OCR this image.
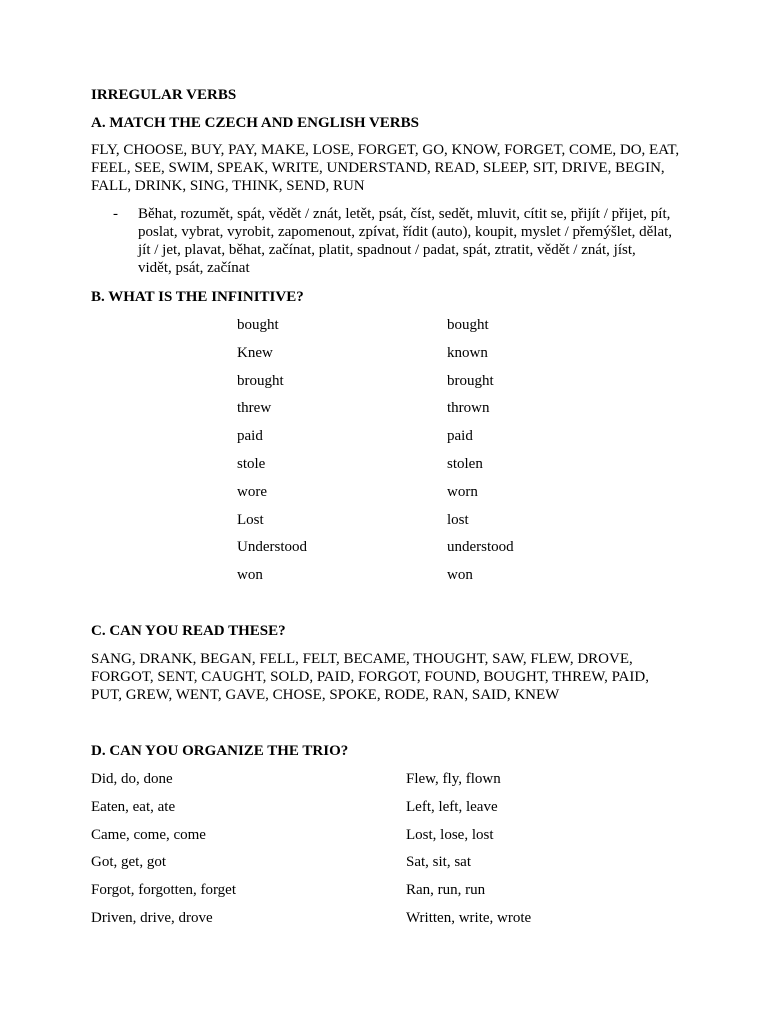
IRREGULAR VERBS
A. MATCH THE CZECH AND ENGLISH VERBS
FLY, CHOOSE, BUY, PAY, MAKE, LOSE, FORGET, GO, KNOW, FORGET, COME, DO, EAT, FEEL, SEE, SWIM, SPEAK, WRITE, UNDERSTAND, READ, SLEEP, SIT, DRIVE, BEGIN, FALL, DRINK, SING, THINK, SEND, RUN
- Běhat, rozumět, spát, vědět / znát, letět, psát, číst, sedět, mluvit, cítit se, přijít / přijet, pít, poslat, vybrat, vyrobit, zapomenout, zpívat, řídit (auto), koupit, myslet / přemýšlet, dělat, jít / jet, plavat, běhat, začínat, platit, spadnout / padat, spát, ztratit, vědět / znát, jíst, vidět, psát, začínat
B. WHAT IS THE INFINITIVE?
bought	bought
Knew	known
brought	brought
threw	thrown
paid	paid
stole	stolen
wore	worn
Lost	lost
Understood	understood
won	won
C. CAN YOU READ THESE?
SANG, DRANK, BEGAN, FELL, FELT, BECAME, THOUGHT, SAW, FLEW, DROVE, FORGOT, SENT, CAUGHT, SOLD, PAID, FORGOT, FOUND, BOUGHT, THREW, PAID, PUT, GREW, WENT, GAVE, CHOSE, SPOKE, RODE, RAN, SAID, KNEW
D. CAN YOU ORGANIZE THE TRIO?
Did, do, done	Flew, fly, flown
Eaten, eat, ate	Left, left, leave
Came, come, come	Lost, lose, lost
Got, get, got	Sat, sit, sat
Forgot, forgotten, forget	Ran, run, run
Driven, drive, drove	Written, write, wrote
